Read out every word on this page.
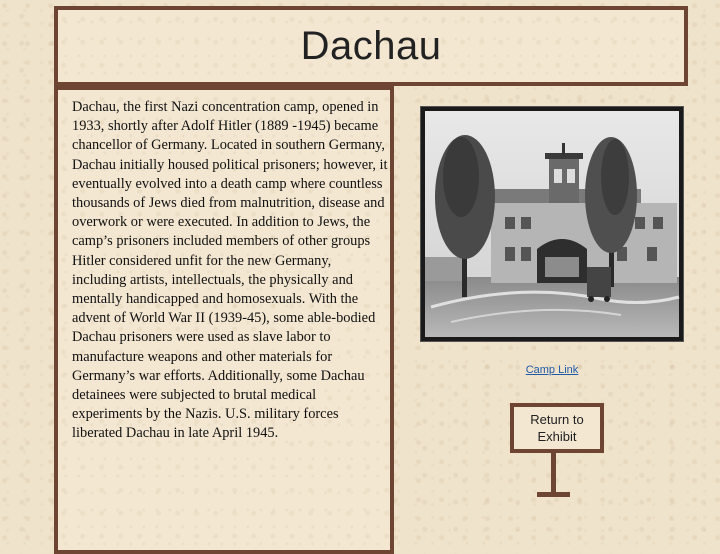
Dachau

Dachau, the first Nazi concentration camp, opened in 1933, shortly after Adolf Hitler (1889 -1945) became chancellor of Germany. Located in southern Germany, Dachau initially housed political prisoners; however, it eventually evolved into a death camp where countless thousands of Jews died from malnutrition, disease and overwork or were executed. In addition to Jews, the camp’s prisoners included members of other groups Hitler considered unfit for the new Germany, including artists, intellectuals, the physically and mentally handicapped and homosexuals. With the advent of World War II (1939-45), some able-bodied Dachau prisoners were used as slave labor to manufacture weapons and other materials for Germany’s war efforts. Additionally, some Dachau detainees were subjected to brutal medical experiments by the Nazis. U.S. military forces liberated Dachau in late April 1945.

Camp Link
Return to Exhibit
